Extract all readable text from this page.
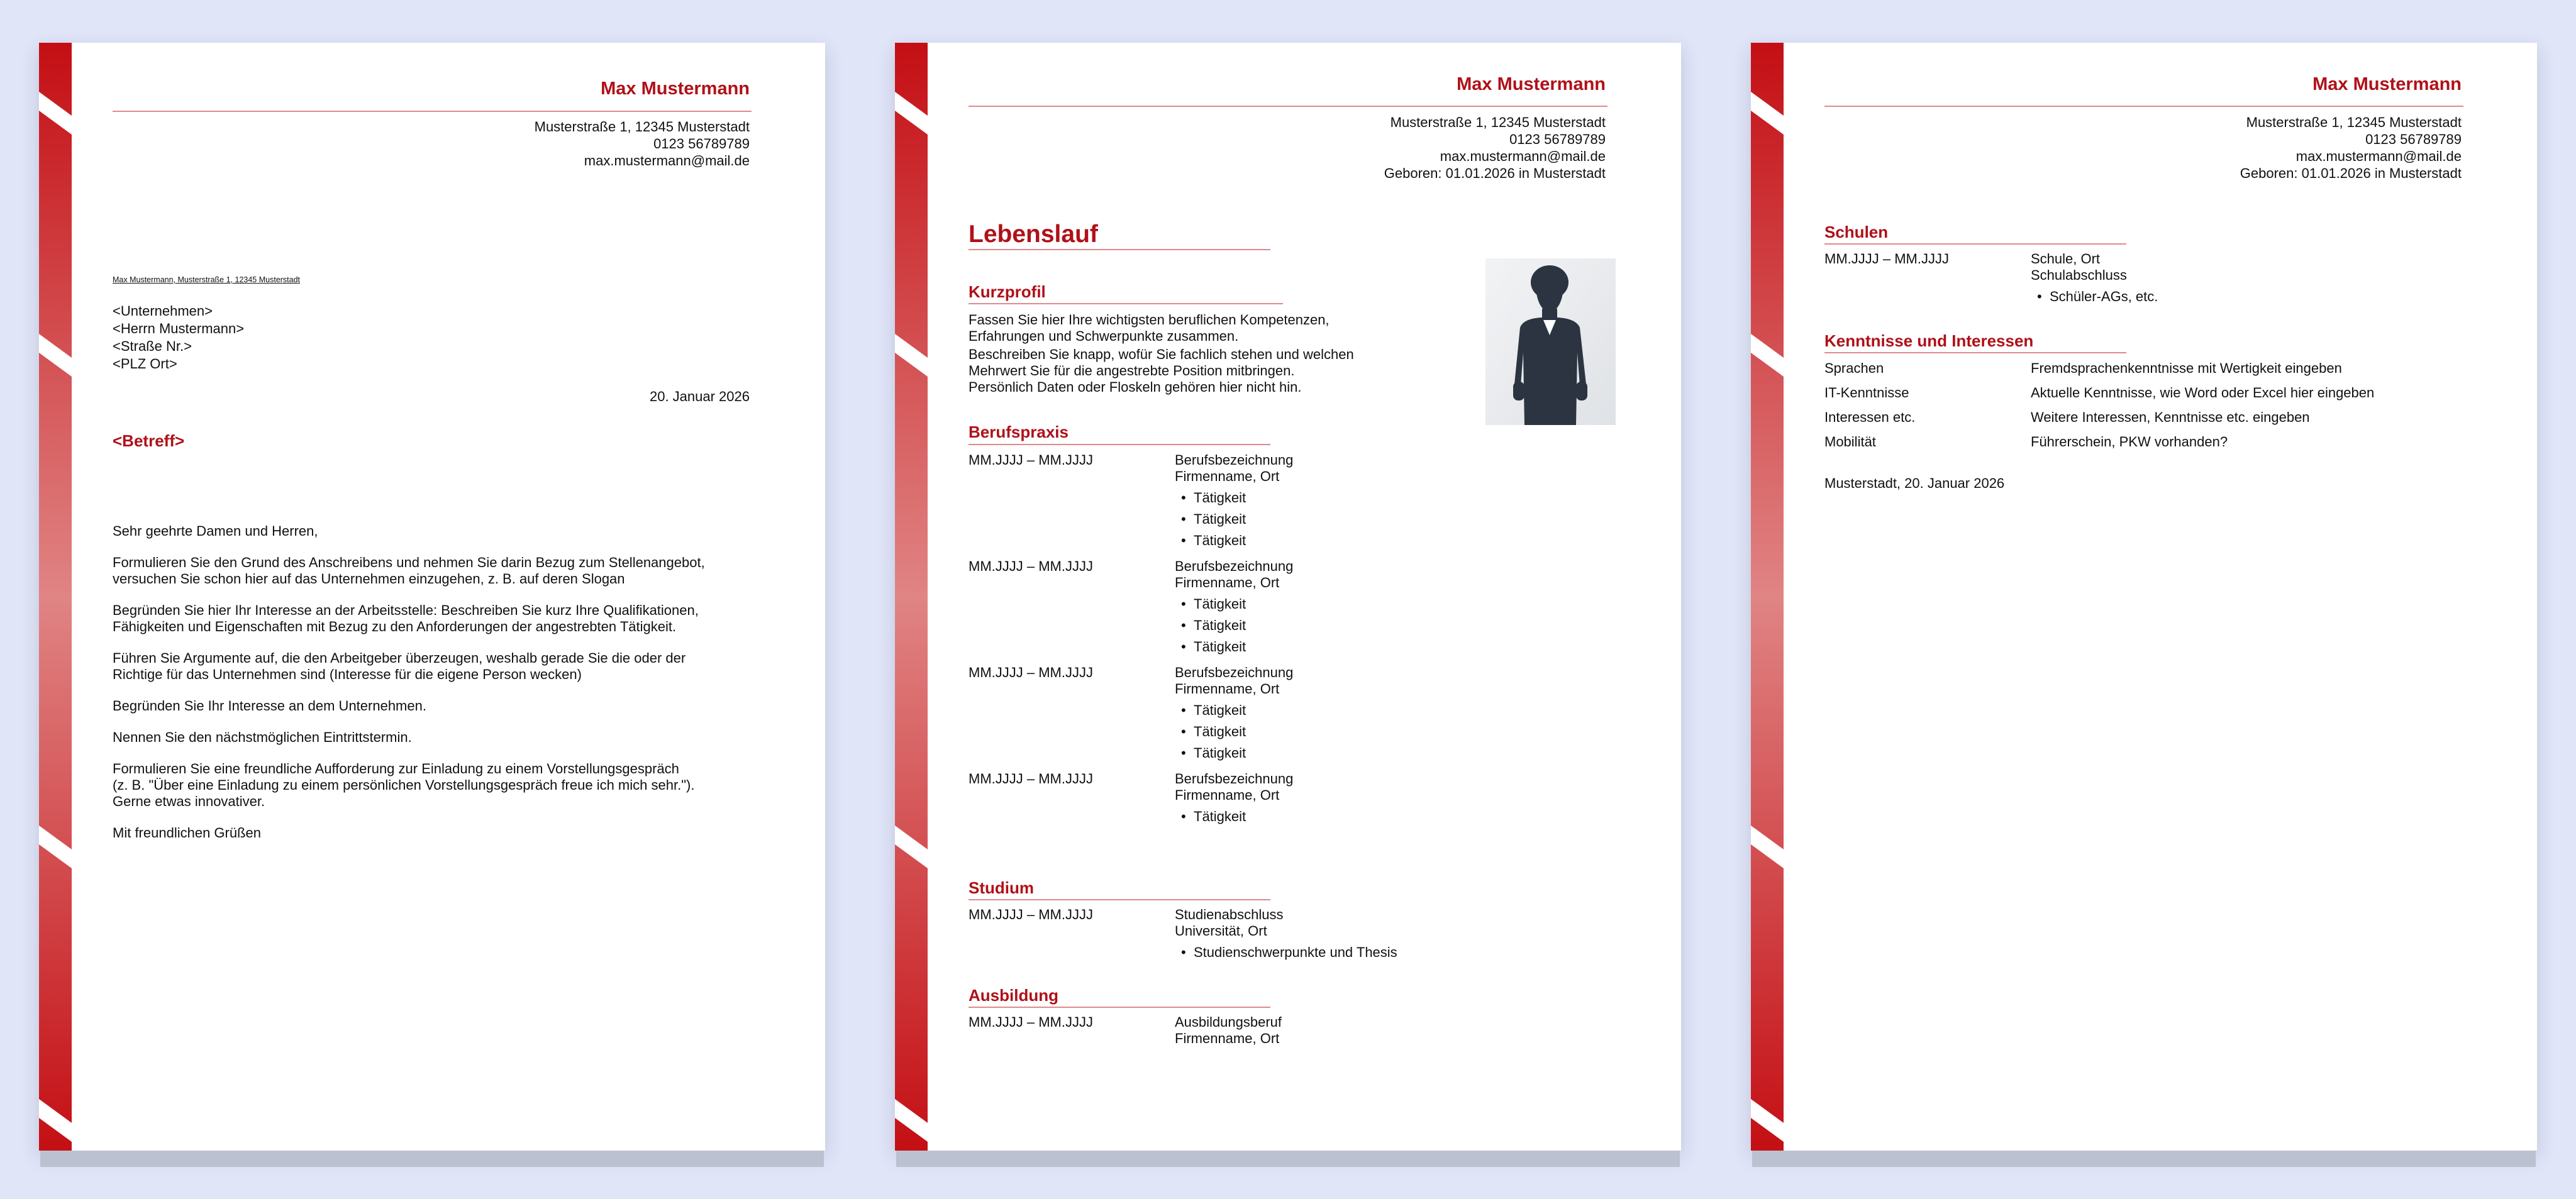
Max Mustermann
Musterstraße 1, 12345 Musterstadt
0123 56789789
max.mustermann@mail.de
Max Mustermann, Musterstraße 1, 12345 Musterstadt
<Unternehmen>
<Herrn Mustermann>
<Straße Nr.>
<PLZ Ort>
20. Januar 2026
<Betreff>

Sehr geehrte Damen und Herren,

Formulieren Sie den Grund des Anschreibens und nehmen Sie darin Bezug zum Stellenangebot,
versuchen Sie schon hier auf das Unternehmen einzugehen, z. B. auf deren Slogan

Begründen Sie hier Ihr Interesse an der Arbeitsstelle: Beschreiben Sie kurz Ihre Qualifikationen,
Fähigkeiten und Eigenschaften mit Bezug zu den Anforderungen der angestrebten Tätigkeit.

Führen Sie Argumente auf, die den Arbeitgeber überzeugen, weshalb gerade Sie die oder der
Richtige für das Unternehmen sind (Interesse für die eigene Person wecken)

Begründen Sie Ihr Interesse an dem Unternehmen.

Nennen Sie den nächstmöglichen Eintrittstermin.

Formulieren Sie eine freundliche Aufforderung zur Einladung zu einem Vorstellungsgespräch
(z. B. "Über eine Einladung zu einem persönlichen Vorstellungsgespräch freue ich mich sehr.").
Gerne etwas innovativer.

Mit freundlichen Grüßen

Max Mustermann
Musterstraße 1, 12345 Musterstadt
0123 56789789
max.mustermann@mail.de
Geboren: 01.01.2026 in Musterstadt
Lebenslauf
Kurzprofil
Fassen Sie hier Ihre wichtigsten beruflichen Kompetenzen,
Erfahrungen und Schwerpunkte zusammen.
Beschreiben Sie knapp, wofür Sie fachlich stehen und welchen
Mehrwert Sie für die angestrebte Position mitbringen.
Persönlich Daten oder Floskeln gehören hier nicht hin.
Berufspraxis
MM.JJJJ – MM.JJJJ	Berufsbezeichnung
Firmenname, Ort
• Tätigkeit
• Tätigkeit
• Tätigkeit
MM.JJJJ – MM.JJJJ	Berufsbezeichnung
Firmenname, Ort
• Tätigkeit
• Tätigkeit
• Tätigkeit
MM.JJJJ – MM.JJJJ	Berufsbezeichnung
Firmenname, Ort
• Tätigkeit
• Tätigkeit
• Tätigkeit
MM.JJJJ – MM.JJJJ	Berufsbezeichnung
Firmenname, Ort
• Tätigkeit
Studium
MM.JJJJ – MM.JJJJ	Studienabschluss
Universität, Ort
• Studienschwerpunkte und Thesis
Ausbildung
MM.JJJJ – MM.JJJJ	Ausbildungsberuf
Firmenname, Ort
Max Mustermann
Musterstraße 1, 12345 Musterstadt
0123 56789789
max.mustermann@mail.de
Geboren: 01.01.2026 in Musterstadt
Schulen
MM.JJJJ – MM.JJJJ	Schule, Ort
Schulabschluss
• Schüler-AGs, etc.
Kenntnisse und Interessen
Sprachen	Fremdsprachenkenntnisse mit Wertigkeit eingeben
IT-Kenntnisse	Aktuelle Kenntnisse, wie Word oder Excel hier eingeben
Interessen etc.	Weitere Interessen, Kenntnisse etc. eingeben
Mobilität	Führerschein, PKW vorhanden?
Musterstadt, 20. Januar 2026
